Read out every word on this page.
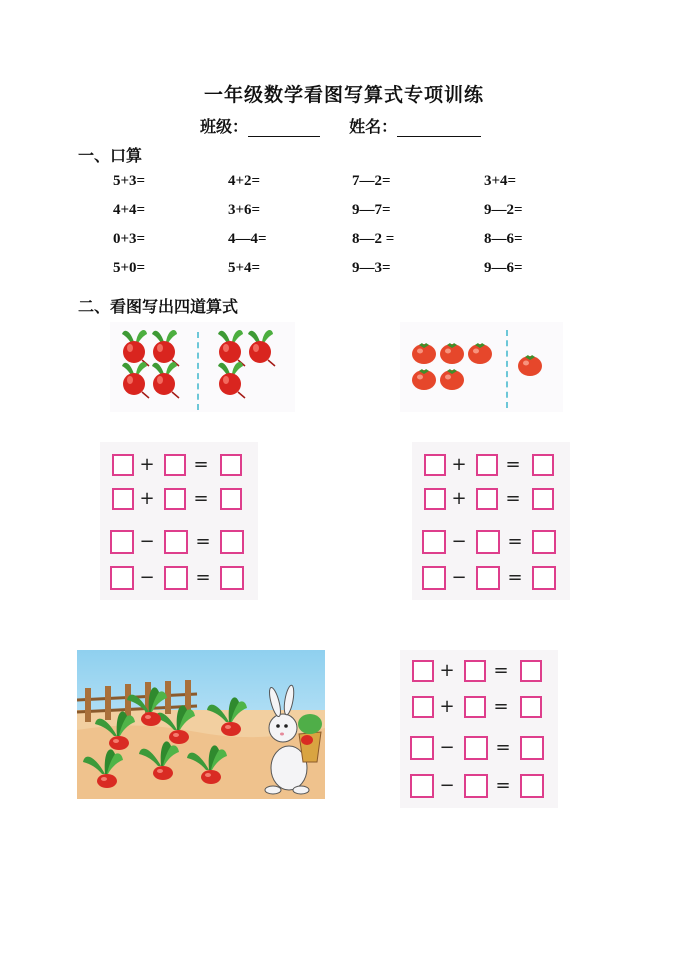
一年级数学看图写算式专项训练
班级：	姓名：
一、口算
5+3=	4+2=	7—2=	3+4=
4+4=	3+6=	9—7=	9—2=
0+3=	4—4=	8—2 =	8—6=
5+0=	5+4=	9—3=	9—6=
二、看图写出四道算式
+ =
+ =
− =
− =
+ =
+ =
− =
− =
+ =
+ =
− =
− =
